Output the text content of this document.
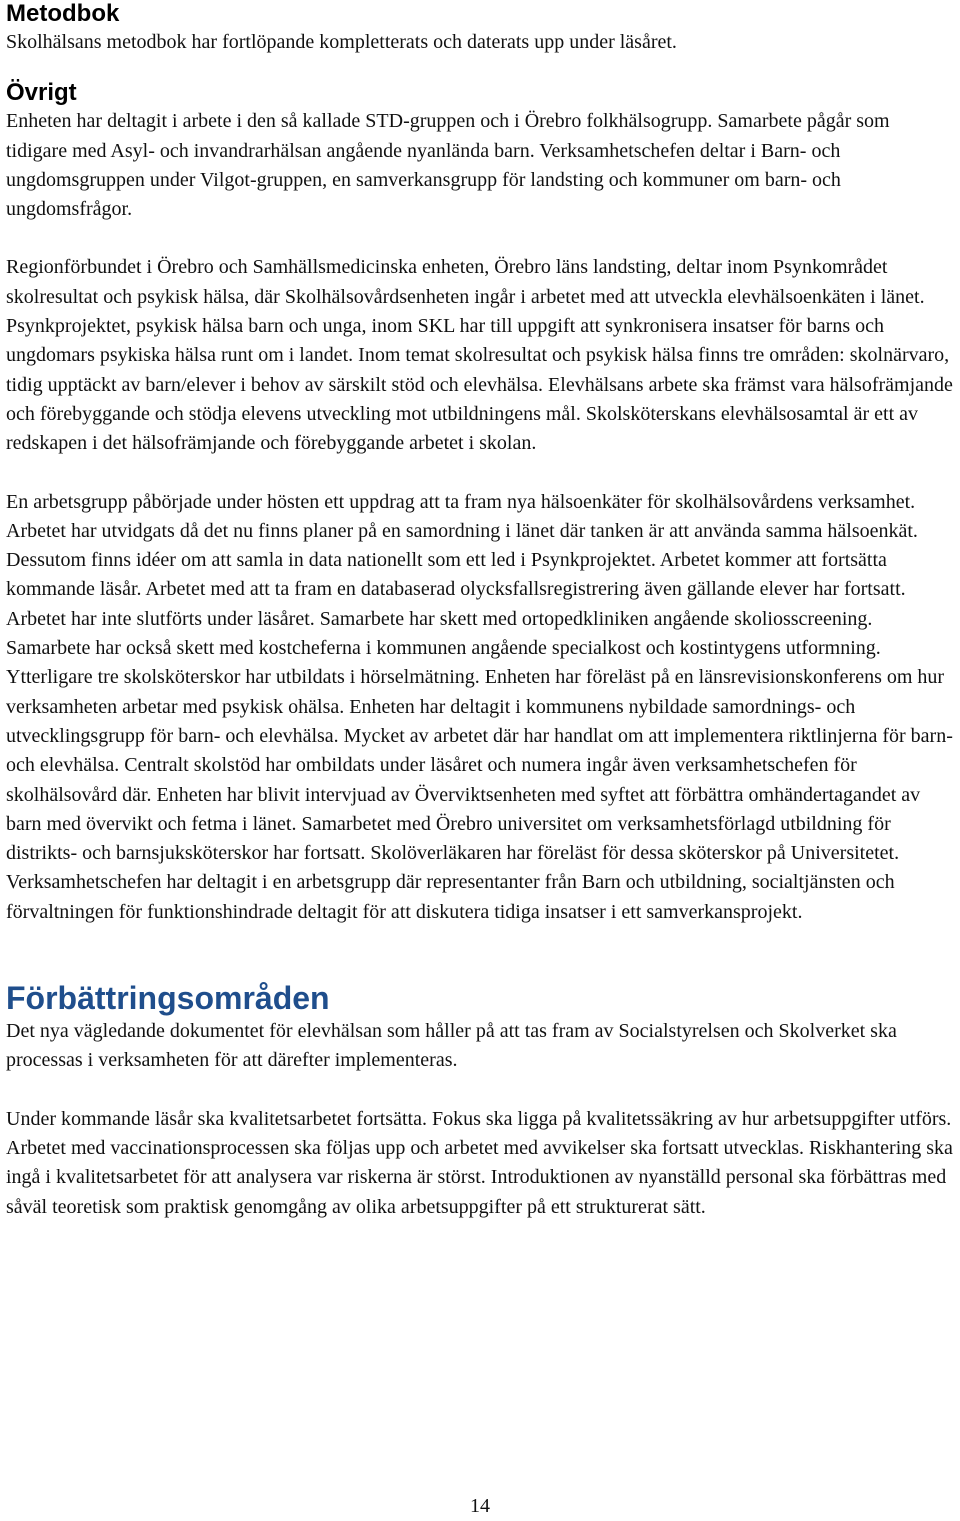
Metodbok

Skolhälsans metodbok har fortlöpande kompletterats och daterats upp under läsåret.

Övrigt

Enheten har deltagit i arbete i den så kallade STD-gruppen och i Örebro folkhälsogrupp. Samarbete pågår som tidigare med Asyl- och invandrarhälsan angående nyanlända barn. Verksamhetschefen deltar i Barn- och ungdomsgruppen under Vilgot-gruppen, en samverkansgrupp för landsting och kommuner om barn- och ungdomsfrågor.

Regionförbundet i Örebro och Samhällsmedicinska enheten, Örebro läns landsting, deltar inom Psynkområdet skolresultat och psykisk hälsa, där Skolhälsovårdsenheten ingår i arbetet med att utveckla elevhälsoenkäten i länet. Psynkprojektet, psykisk hälsa barn och unga, inom SKL har till uppgift att synkronisera insatser för barns och ungdomars psykiska hälsa runt om i landet. Inom temat skolresultat och psykisk hälsa finns tre områden: skolnärvaro, tidig upptäckt av barn/elever i behov av särskilt stöd och elevhälsa. Elevhälsans arbete ska främst vara hälsofrämjande och förebyggande och stödja elevens utveckling mot utbildningens mål. Skolsköterskans elevhälsosamtal är ett av redskapen i det hälsofrämjande och förebyggande arbetet i skolan.

En arbetsgrupp påbörjade under hösten ett uppdrag att ta fram nya hälsoenkäter för skolhälsovårdens verksamhet. Arbetet har utvidgats då det nu finns planer på en samordning i länet där tanken är att använda samma hälsoenkät. Dessutom finns idéer om att samla in data nationellt som ett led i Psynkprojektet. Arbetet kommer att fortsätta kommande läsår. Arbetet med att ta fram en databaserad olycksfallsregistrering även gällande elever har fortsatt. Arbetet har inte slutförts under läsåret. Samarbete har skett med ortopedkliniken angående skoliosscreening. Samarbete har också skett med kostcheferna i kommunen angående specialkost och kostintygens utformning. Ytterligare tre skolsköterskor har utbildats i hörselmätning. Enheten har föreläst på en länsrevisionskonferens om hur verksamheten arbetar med psykisk ohälsa. Enheten har deltagit i kommunens nybildade samordnings- och utvecklingsgrupp för barn- och elevhälsa. Mycket av arbetet där har handlat om att implementera riktlinjerna för barn- och elevhälsa. Centralt skolstöd har ombildats under läsåret och numera ingår även verksamhetschefen för skolhälsovård där. Enheten har blivit intervjuad av Överviktsenheten med syftet att förbättra omhändertagandet av barn med övervikt och fetma i länet. Samarbetet med Örebro universitet om verksamhetsförlagd utbildning för distrikts- och barnsjuksköterskor har fortsatt. Skolöverläkaren har föreläst för dessa sköterskor på Universitetet. Verksamhetschefen har deltagit i en arbetsgrupp där representanter från Barn och utbildning, socialtjänsten och förvaltningen för funktionshindrade deltagit för att diskutera tidiga insatser i ett samverkansprojekt.

Förbättringsområden

Det nya vägledande dokumentet för elevhälsan som håller på att tas fram av Socialstyrelsen och Skolverket ska processas i verksamheten för att därefter implementeras.

Under kommande läsår ska kvalitetsarbetet fortsätta. Fokus ska ligga på kvalitetssäkring av hur arbetsuppgifter utförs. Arbetet med vaccinationsprocessen ska följas upp och arbetet med avvikelser ska fortsatt utvecklas. Riskhantering ska ingå i kvalitetsarbetet för att analysera var riskerna är störst. Introduktionen av nyanställd personal ska förbättras med såväl teoretisk som praktisk genomgång av olika arbetsuppgifter på ett strukturerat sätt.

14
